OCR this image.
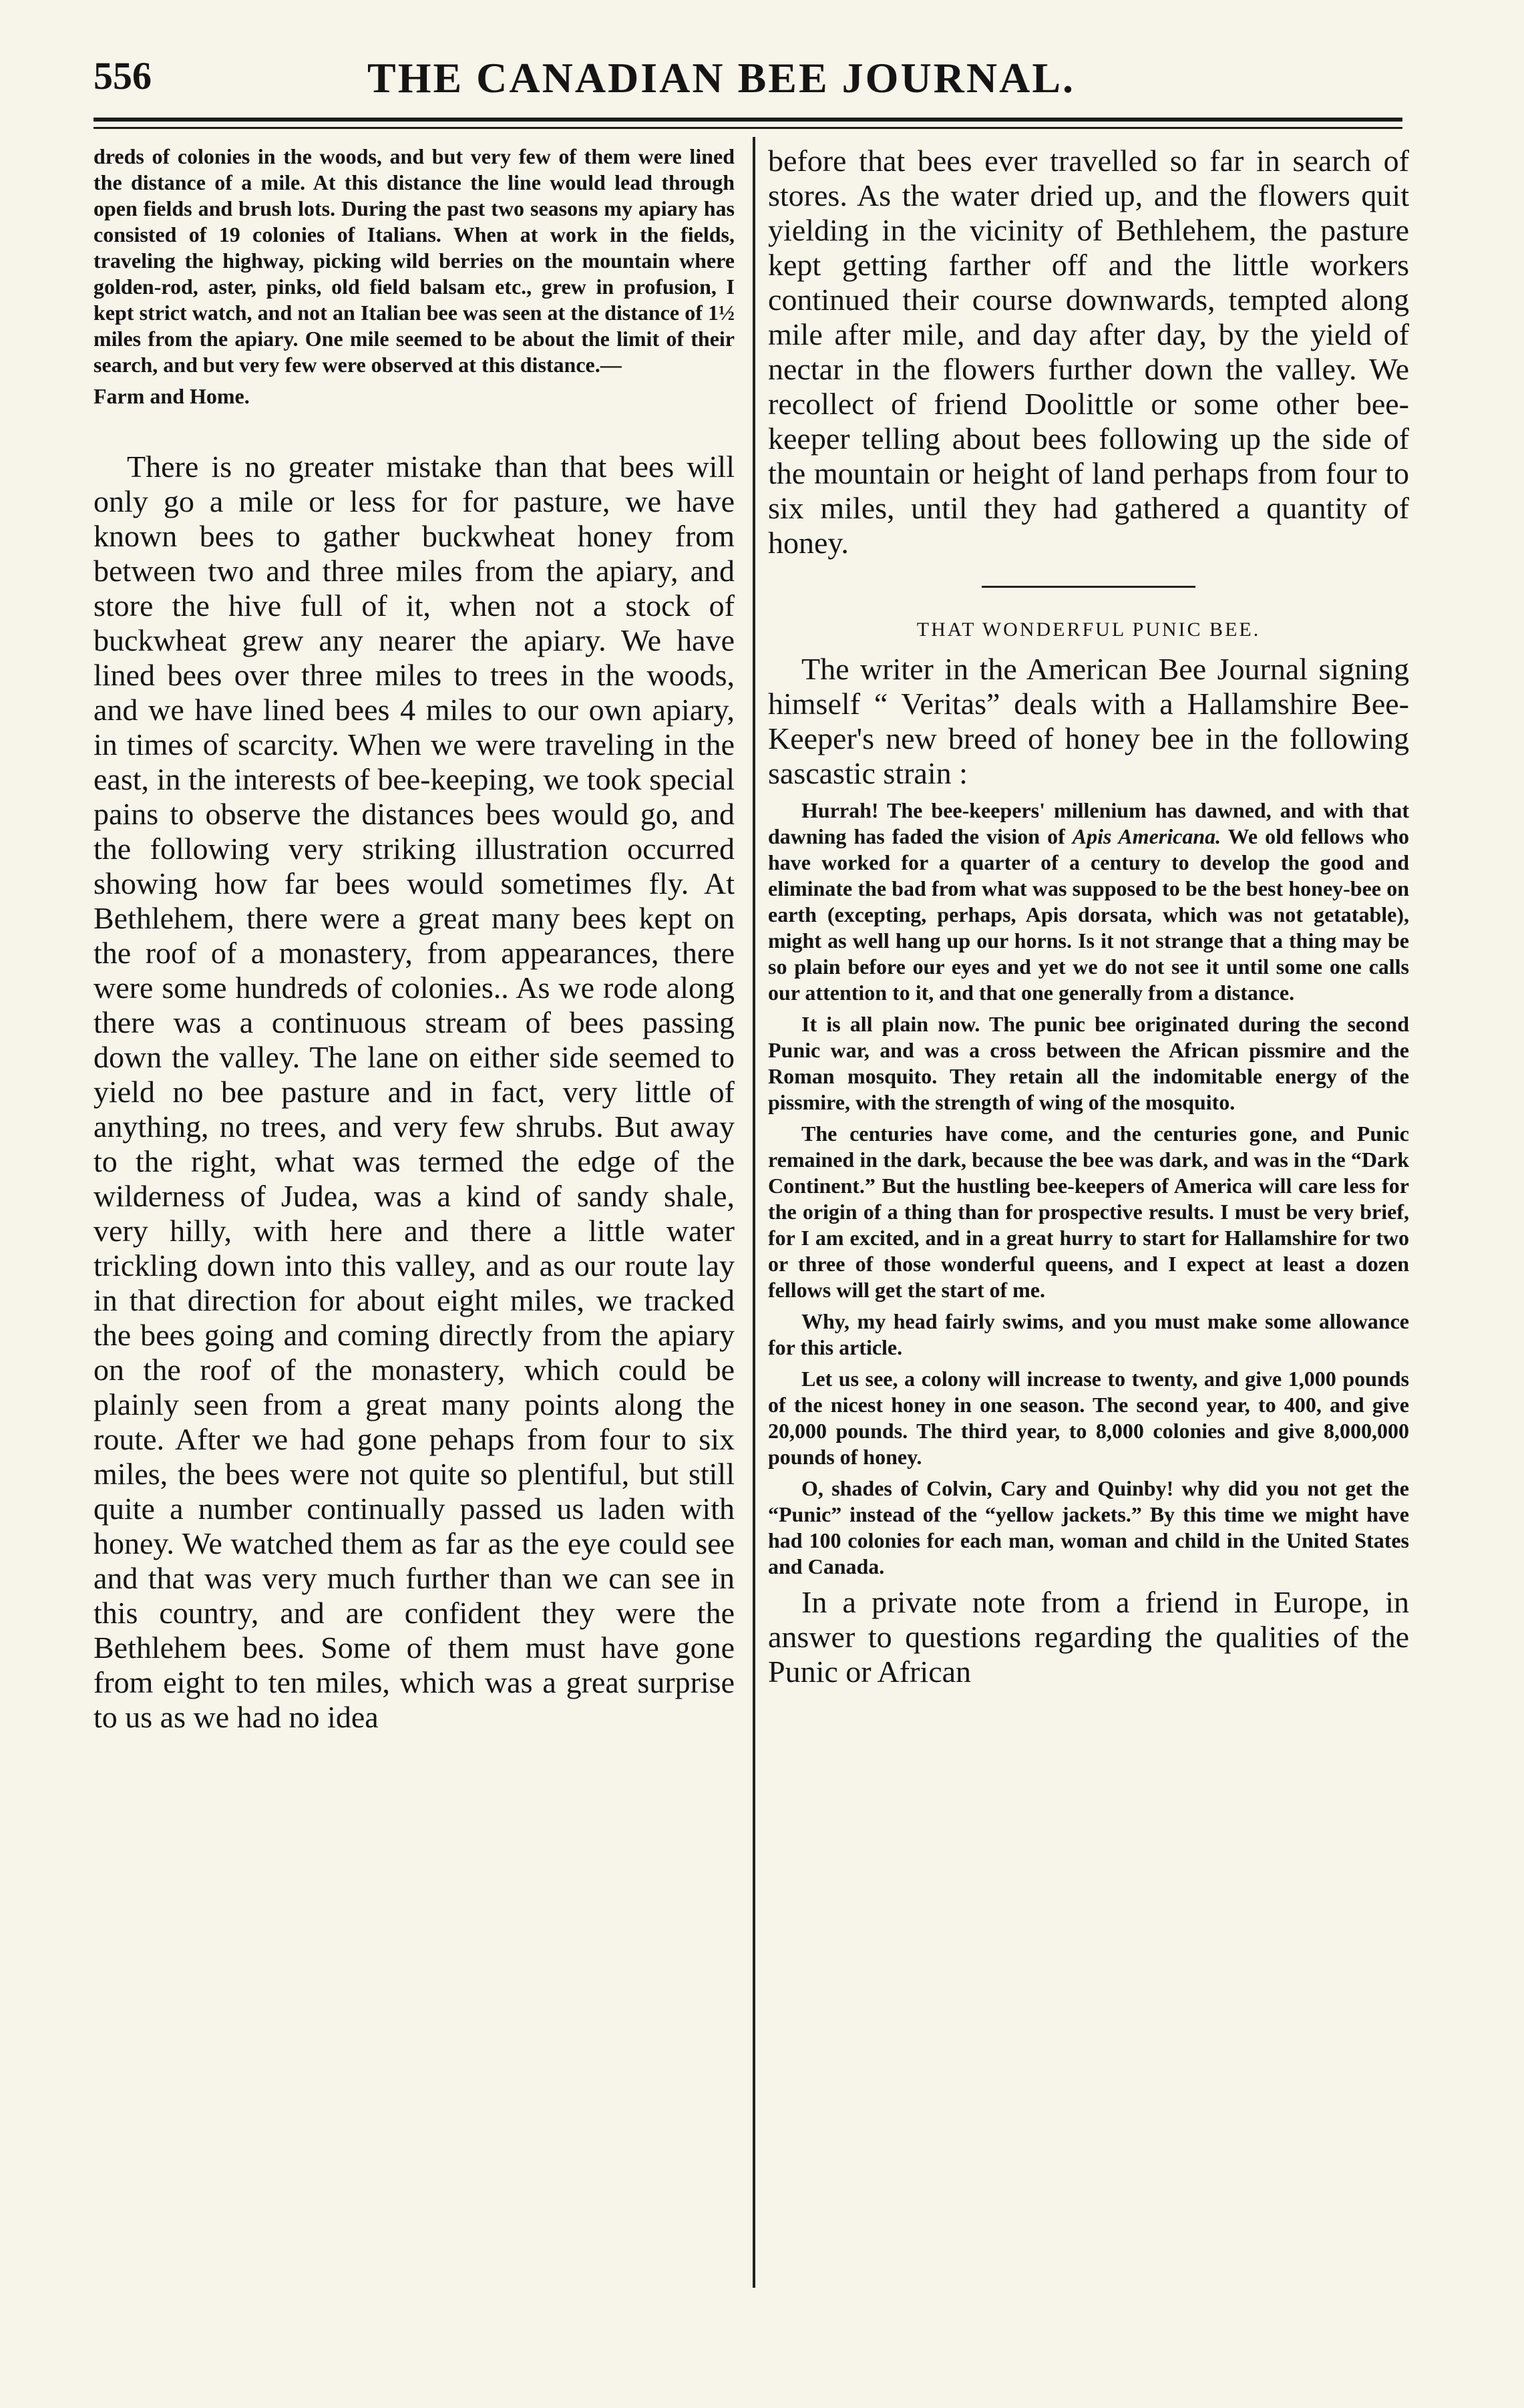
556	THE CANADIAN BEE JOURNAL.

dreds of colonies in the woods, and but very few of them were lined the distance of a mile. At this distance the line would lead through open fields and brush lots. During the past two seasons my apiary has consisted of 19 colonies of Italians. When at work in the fields, traveling the highway, picking wild berries on the mountain where golden-rod, aster, pinks, old field balsam etc., grew in profusion, I kept strict watch, and not an Italian bee was seen at the distance of 1½ miles from the apiary. One mile seemed to be about the limit of their search, and but very few were observed at this distance.—

Farm and Home.

There is no greater mistake than that bees will only go a mile or less for for pasture, we have known bees to gather buckwheat honey from between two and three miles from the apiary, and store the hive full of it, when not a stock of buckwheat grew any nearer the apiary. We have lined bees over three miles to trees in the woods, and we have lined bees 4 miles to our own apiary, in times of scarcity. When we were traveling in the east, in the interests of bee-keeping, we took special pains to observe the distances bees would go, and the following very striking illustration occurred showing how far bees would sometimes fly. At Bethlehem, there were a great many bees kept on the roof of a monastery, from appearances, there were some hundreds of colonies.. As we rode along there was a continuous stream of bees passing down the valley. The lane on either side seemed to yield no bee pasture and in fact, very little of anything, no trees, and very few shrubs. But away to the right, what was termed the edge of the wilderness of Judea, was a kind of sandy shale, very hilly, with here and there a little water trickling down into this valley, and as our route lay in that direction for about eight miles, we tracked the bees going and coming directly from the apiary on the roof of the monastery, which could be plainly seen from a great many points along the route. After we had gone pehaps from four to six miles, the bees were not quite so plentiful, but still quite a number continually passed us laden with honey. We watched them as far as the eye could see and that was very much further than we can see in this country, and are confident they were the Bethlehem bees. Some of them must have gone from eight to ten miles, which was a great surprise to us as we had no idea

before that bees ever travelled so far in search of stores. As the water dried up, and the flowers quit yielding in the vicinity of Bethlehem, the pasture kept getting farther off and the little workers continued their course downwards, tempted along mile after mile, and day after day, by the yield of nectar in the flowers further down the valley. We recollect of friend Doolittle or some other bee-keeper telling about bees following up the side of the mountain or height of land perhaps from four to six miles, until they had gathered a quantity of honey.

THAT WONDERFUL PUNIC BEE.

The writer in the American Bee Journal signing himself “ Veritas” deals with a Hallamshire Bee-Keeper's new breed of honey bee in the following sascastic strain :

Hurrah! The bee-keepers' millenium has dawned, and with that dawning has faded the vision of Apis Americana. We old fellows who have worked for a quarter of a century to develop the good and eliminate the bad from what was supposed to be the best honey-bee on earth (excepting, perhaps, Apis dorsata, which was not getatable), might as well hang up our horns. Is it not strange that a thing may be so plain before our eyes and yet we do not see it until some one calls our attention to it, and that one generally from a distance.

It is all plain now. The punic bee originated during the second Punic war, and was a cross between the African pissmire and the Roman mosquito. They retain all the indomitable energy of the pissmire, with the strength of wing of the mosquito.

The centuries have come, and the centuries gone, and Punic remained in the dark, because the bee was dark, and was in the “Dark Continent.” But the hustling bee-keepers of America will care less for the origin of a thing than for prospective results. I must be very brief, for I am excited, and in a great hurry to start for Hallamshire for two or three of those wonderful queens, and I expect at least a dozen fellows will get the start of me.

Why, my head fairly swims, and you must make some allowance for this article.

Let us see, a colony will increase to twenty, and give 1,000 pounds of the nicest honey in one season. The second year, to 400, and give 20,000 pounds. The third year, to 8,000 colonies and give 8,000,000 pounds of honey.

O, shades of Colvin, Cary and Quinby! why did you not get the “Punic” instead of the “yellow jackets.” By this time we might have had 100 colonies for each man, woman and child in the United States and Canada.

In a private note from a friend in Europe, in answer to questions regarding the qualities of the Punic or African
